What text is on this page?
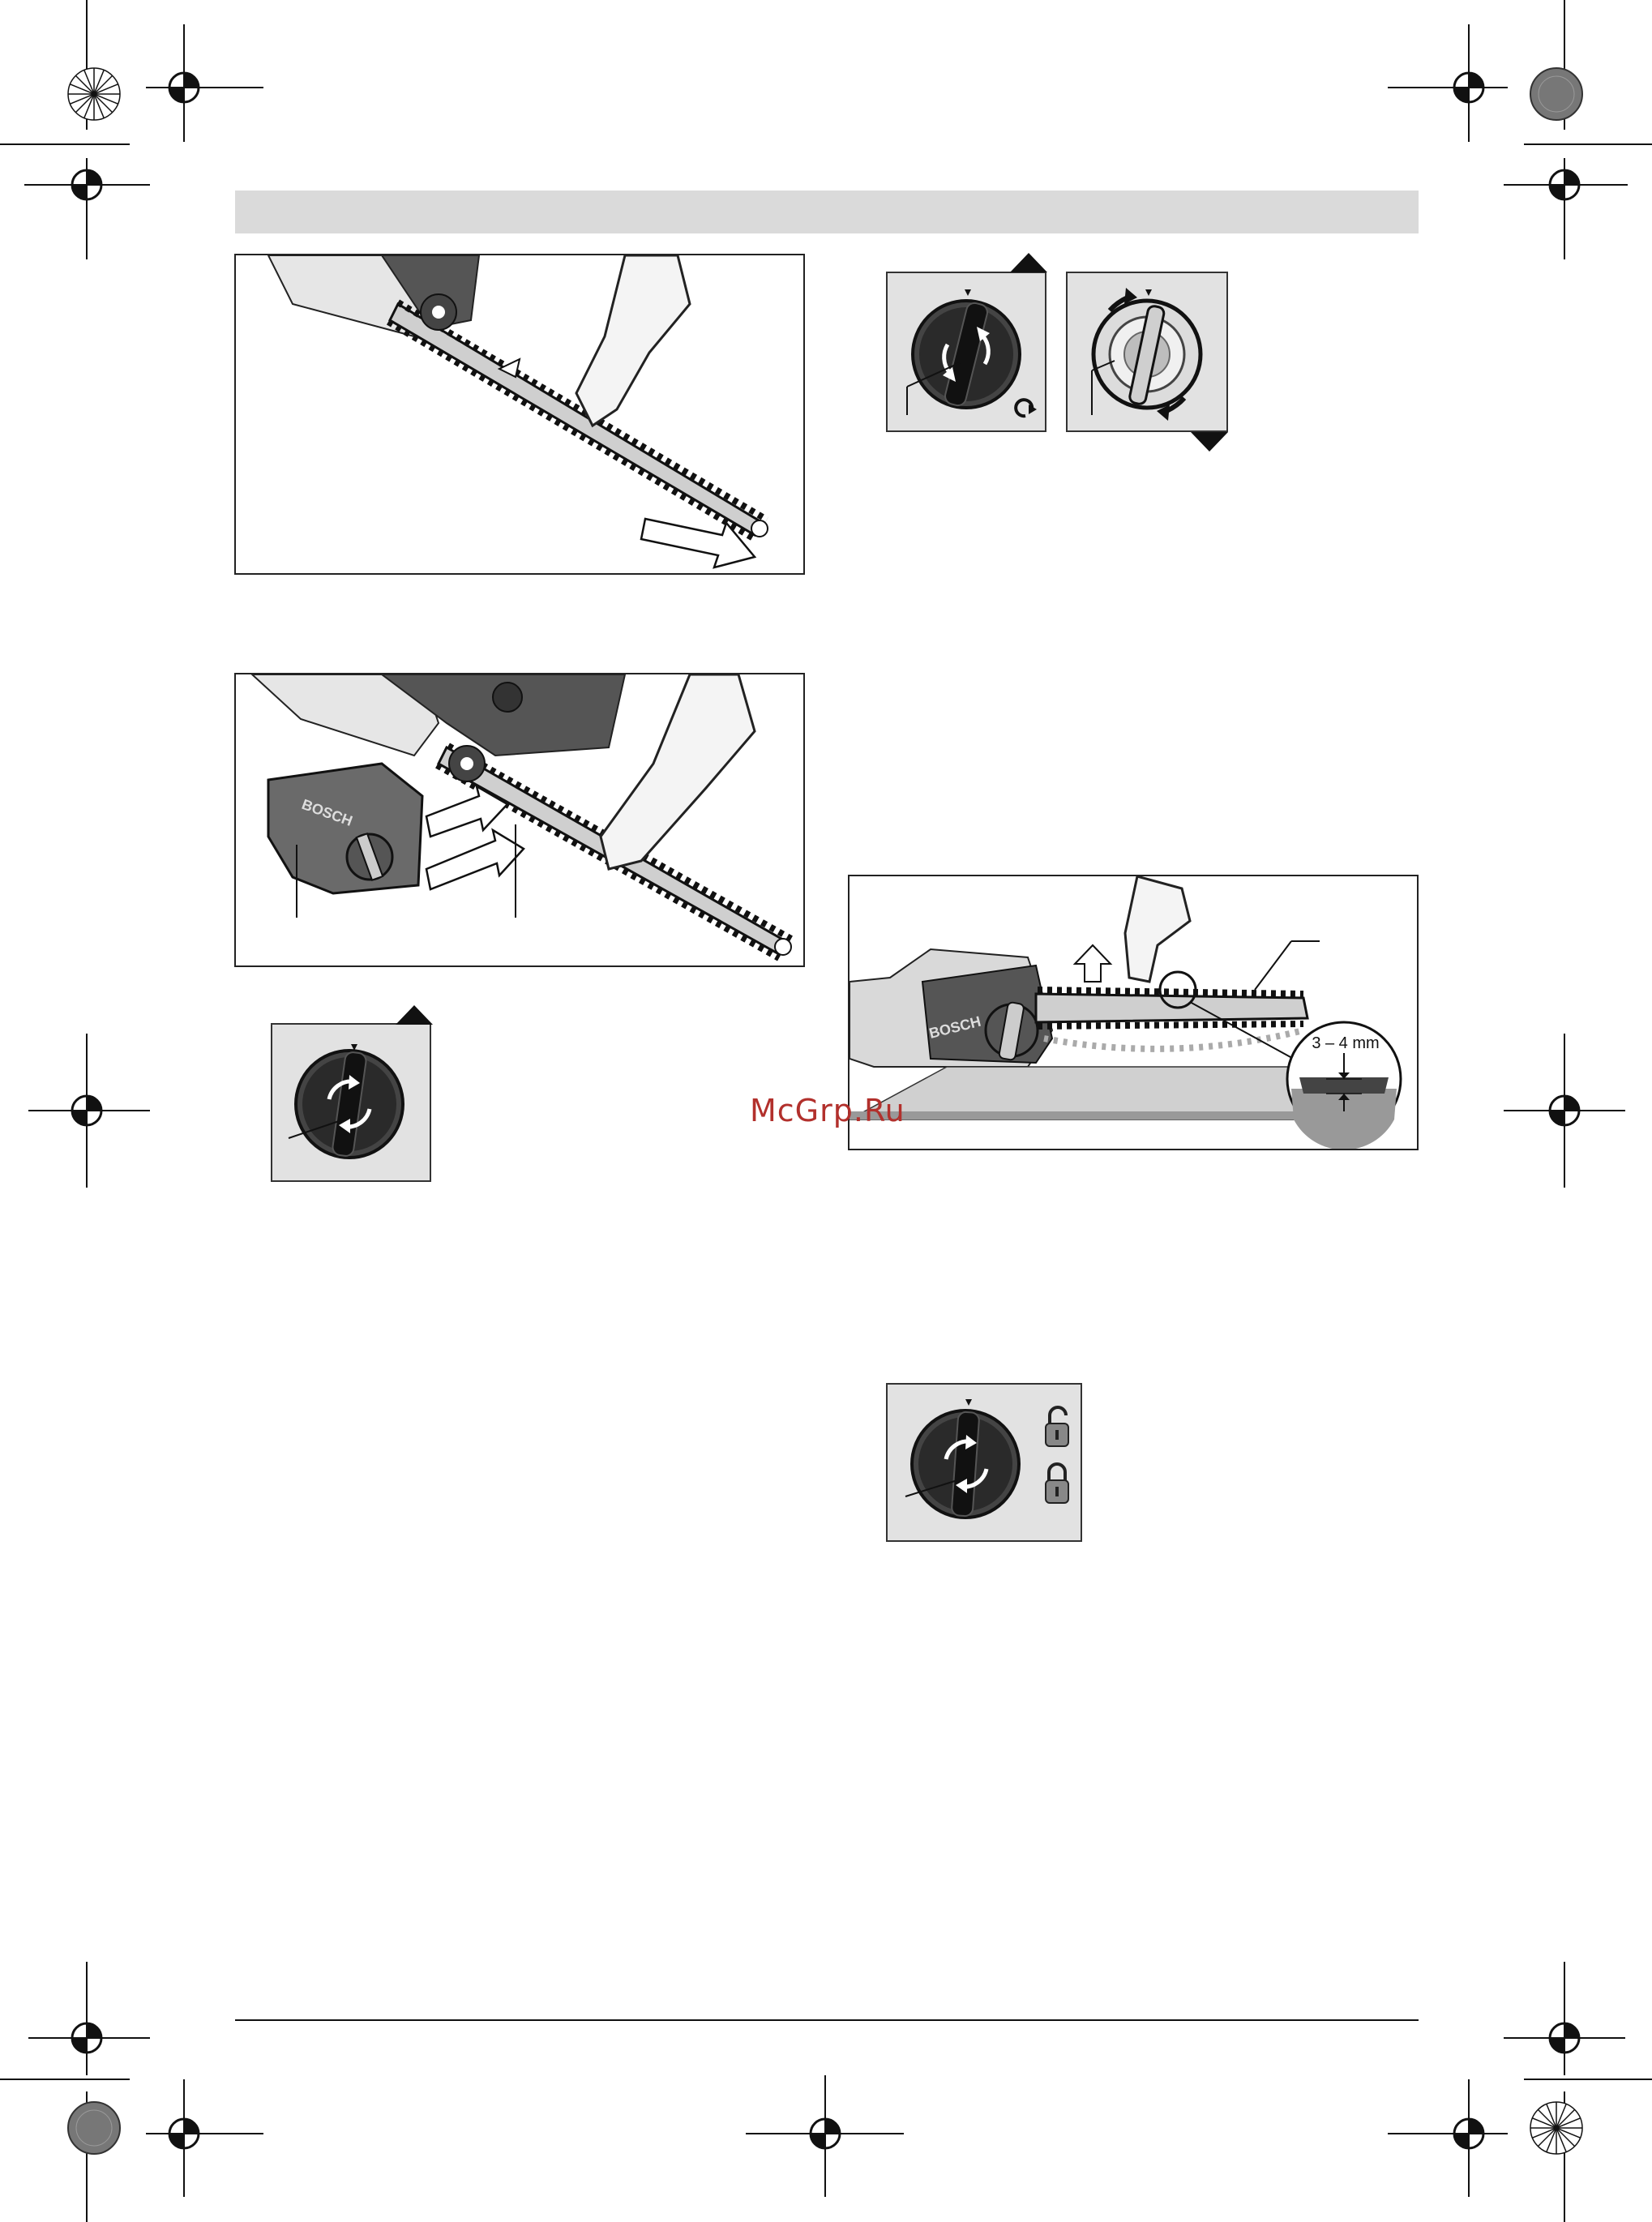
BOSCH
BOSCH
3 – 4 mm
McGrp.Ru
